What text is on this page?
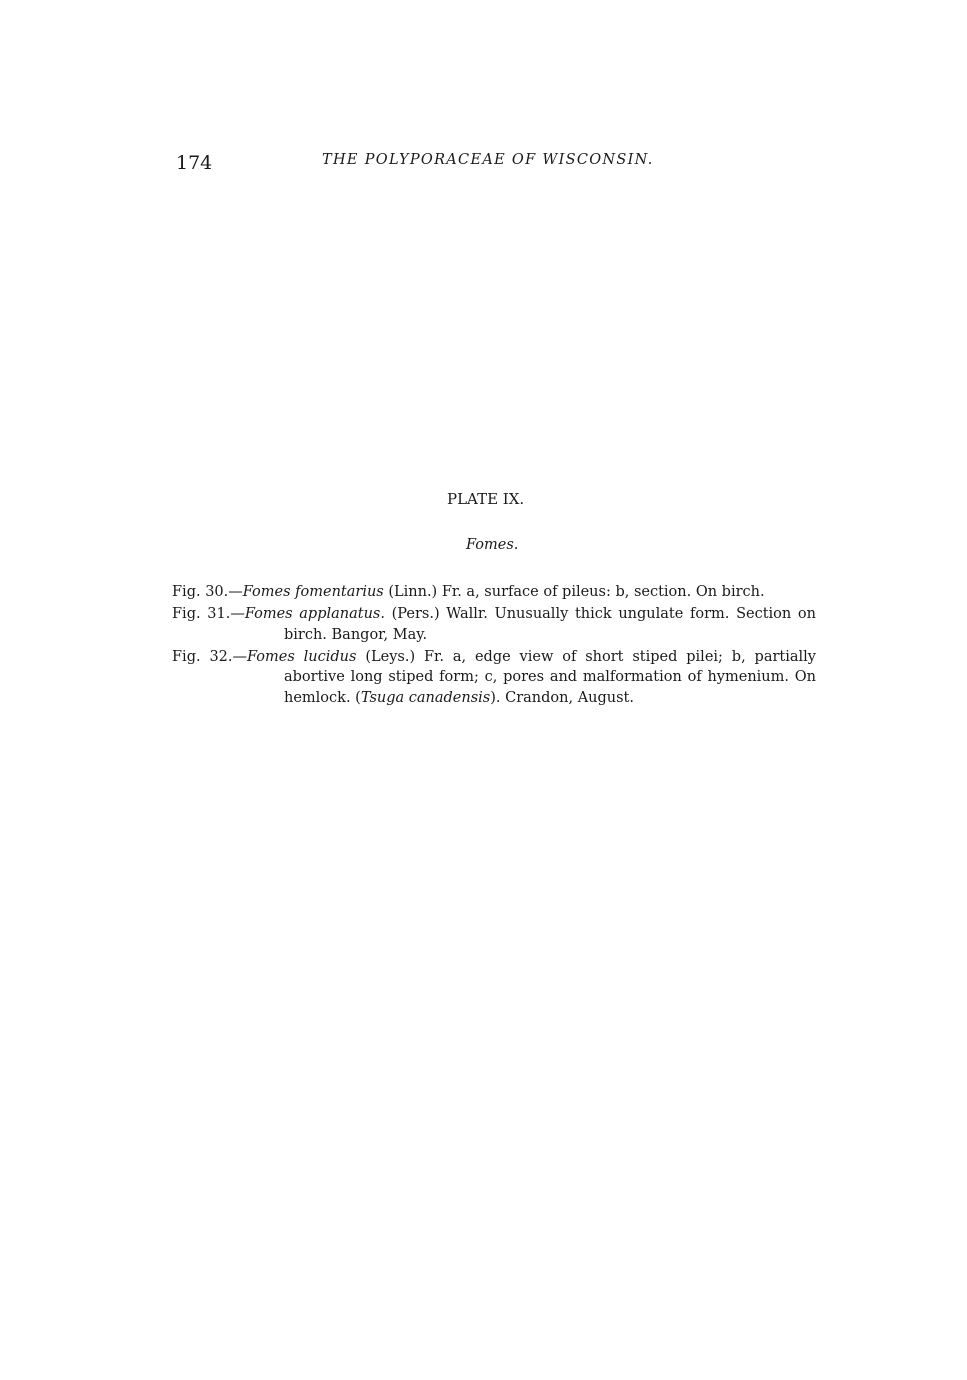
174	THE POLYPORACEAE OF WISCONSIN.
PLATE IX.
Fomes.

Fig. 30.—Fomes fomentarius (Linn.) Fr. a, surface of pileus: b, section. On birch.

Fig. 31.—Fomes applanatus. (Pers.) Wallr. Unusually thick ungulate form. Section on birch. Bangor, May.

Fig. 32.—Fomes lucidus (Leys.) Fr. a, edge view of short stiped pilei; b, partially abortive long stiped form; c, pores and malformation of hymenium. On hemlock. (Tsuga canadensis). Crandon, August.
